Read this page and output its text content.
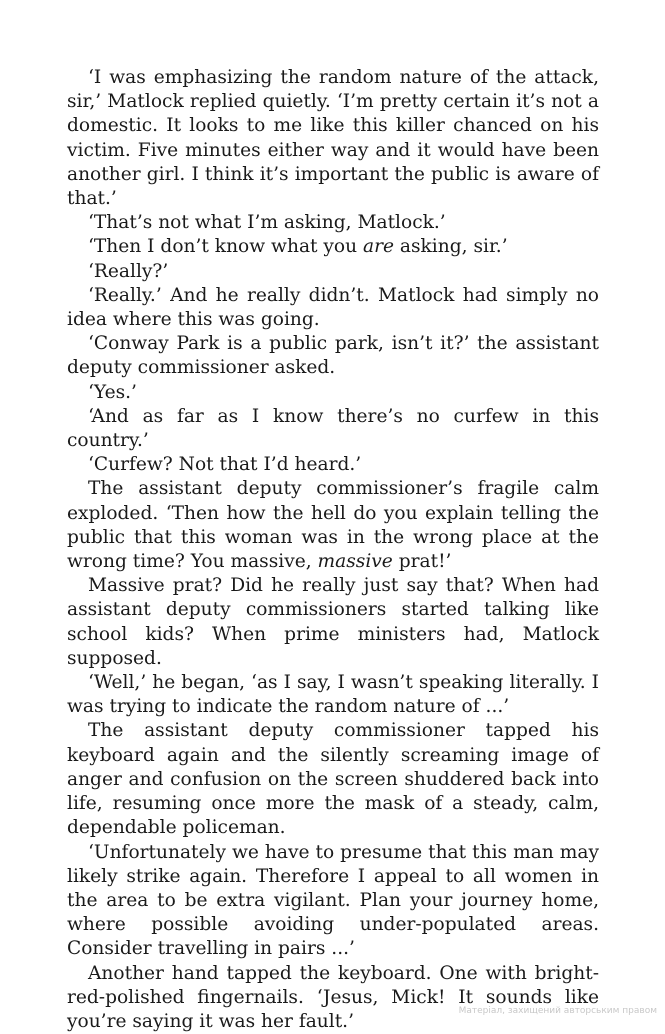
‘I was emphasizing the random nature of the attack, sir,’ Matlock replied quietly. ‘I’m pretty certain it’s not a domestic. It looks to me like this killer chanced on his victim. Five minutes either way and it would have been another girl. I think it’s important the public is aware of that.’

‘That’s not what I’m asking, Matlock.’

‘Then I don’t know what you are asking, sir.’

‘Really?’

‘Really.’ And he really didn’t. Matlock had simply no idea where this was going.

‘Conway Park is a public park, isn’t it?’ the assistant deputy commissioner asked.

‘Yes.’

‘And as far as I know there’s no curfew in this country.’

‘Curfew? Not that I’d heard.’

The assistant deputy commissioner’s fragile calm exploded. ‘Then how the hell do you explain telling the public that this woman was in the wrong place at the wrong time? You massive, massive prat!’

Massive prat? Did he really just say that? When had assistant deputy commissioners started talking like school kids? When prime ministers had, Matlock supposed.

‘Well,’ he began, ‘as I say, I wasn’t speaking literally. I was trying to indicate the random nature of ...’

The assistant deputy commissioner tapped his keyboard again and the silently screaming image of anger and confusion on the screen shuddered back into life, resuming once more the mask of a steady, calm, dependable policeman.

‘Unfortunately we have to presume that this man may likely strike again. Therefore I appeal to all women in the area to be extra vigilant. Plan your journey home, where possible avoiding under-populated areas. Consider travelling in pairs ...’

Another hand tapped the keyboard. One with bright-red-polished fingernails. ‘Jesus, Mick! It sounds like you’re saying it was her fault.’	Матеріал, захищений авторським правом
